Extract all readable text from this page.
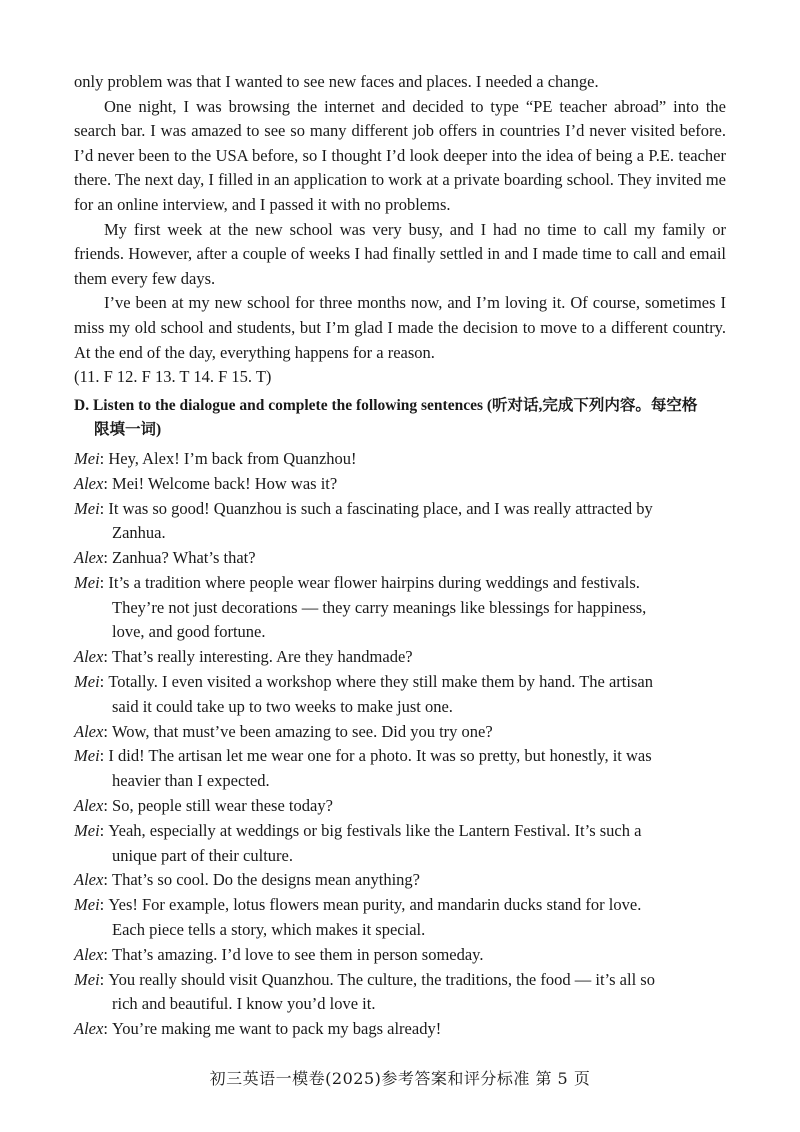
only problem was that I wanted to see new faces and places. I needed a change.

One night, I was browsing the internet and decided to type “PE teacher abroad” into the search bar. I was amazed to see so many different job offers in countries I’d never visited before. I’d never been to the USA before, so I thought I’d look deeper into the idea of being a P.E. teacher there. The next day, I filled in an application to work at a private boarding school. They invited me for an online interview, and I passed it with no problems.

My first week at the new school was very busy, and I had no time to call my family or friends. However, after a couple of weeks I had finally settled in and I made time to call and email them every few days.

I’ve been at my new school for three months now, and I’m loving it. Of course, sometimes I miss my old school and students, but I’m glad I made the decision to move to a different country. At the end of the day, everything happens for a reason.

(11. F 12. F 13. T 14. F 15. T)

D. Listen to the dialogue and complete the following sentences (听对话,完成下列内容。每空格
限填一词)
Mei : Hey, Alex! I’m back from Quanzhou!
Alex : Mei! Welcome back! How was it?
Mei : It was so good! Quanzhou is such a fascinating place, and I was really attracted by
Zanhua.
Alex : Zanhua? What’s that?
Mei : It’s a tradition where people wear flower hairpins during weddings and festivals.
They’re not just decorations — they carry meanings like blessings for happiness,
love, and good fortune.
Alex : That’s really interesting. Are they handmade?
Mei : Totally. I even visited a workshop where they still make them by hand. The artisan
said it could take up to two weeks to make just one.
Alex : Wow, that must’ve been amazing to see. Did you try one?
Mei : I did! The artisan let me wear one for a photo. It was so pretty, but honestly, it was
heavier than I expected.
Alex : So, people still wear these today?
Mei : Yeah, especially at weddings or big festivals like the Lantern Festival. It’s such a
unique part of their culture.
Alex : That’s so cool. Do the designs mean anything?
Mei : Yes! For example, lotus flowers mean purity, and mandarin ducks stand for love.
Each piece tells a story, which makes it special.
Alex : That’s amazing. I’d love to see them in person someday.
Mei : You really should visit Quanzhou. The culture, the traditions, the food — it’s all so
rich and beautiful. I know you’d love it.
Alex : You’re making me want to pack my bags already!
初三英语一模卷(2025)参考答案和评分标准 第 5 页
